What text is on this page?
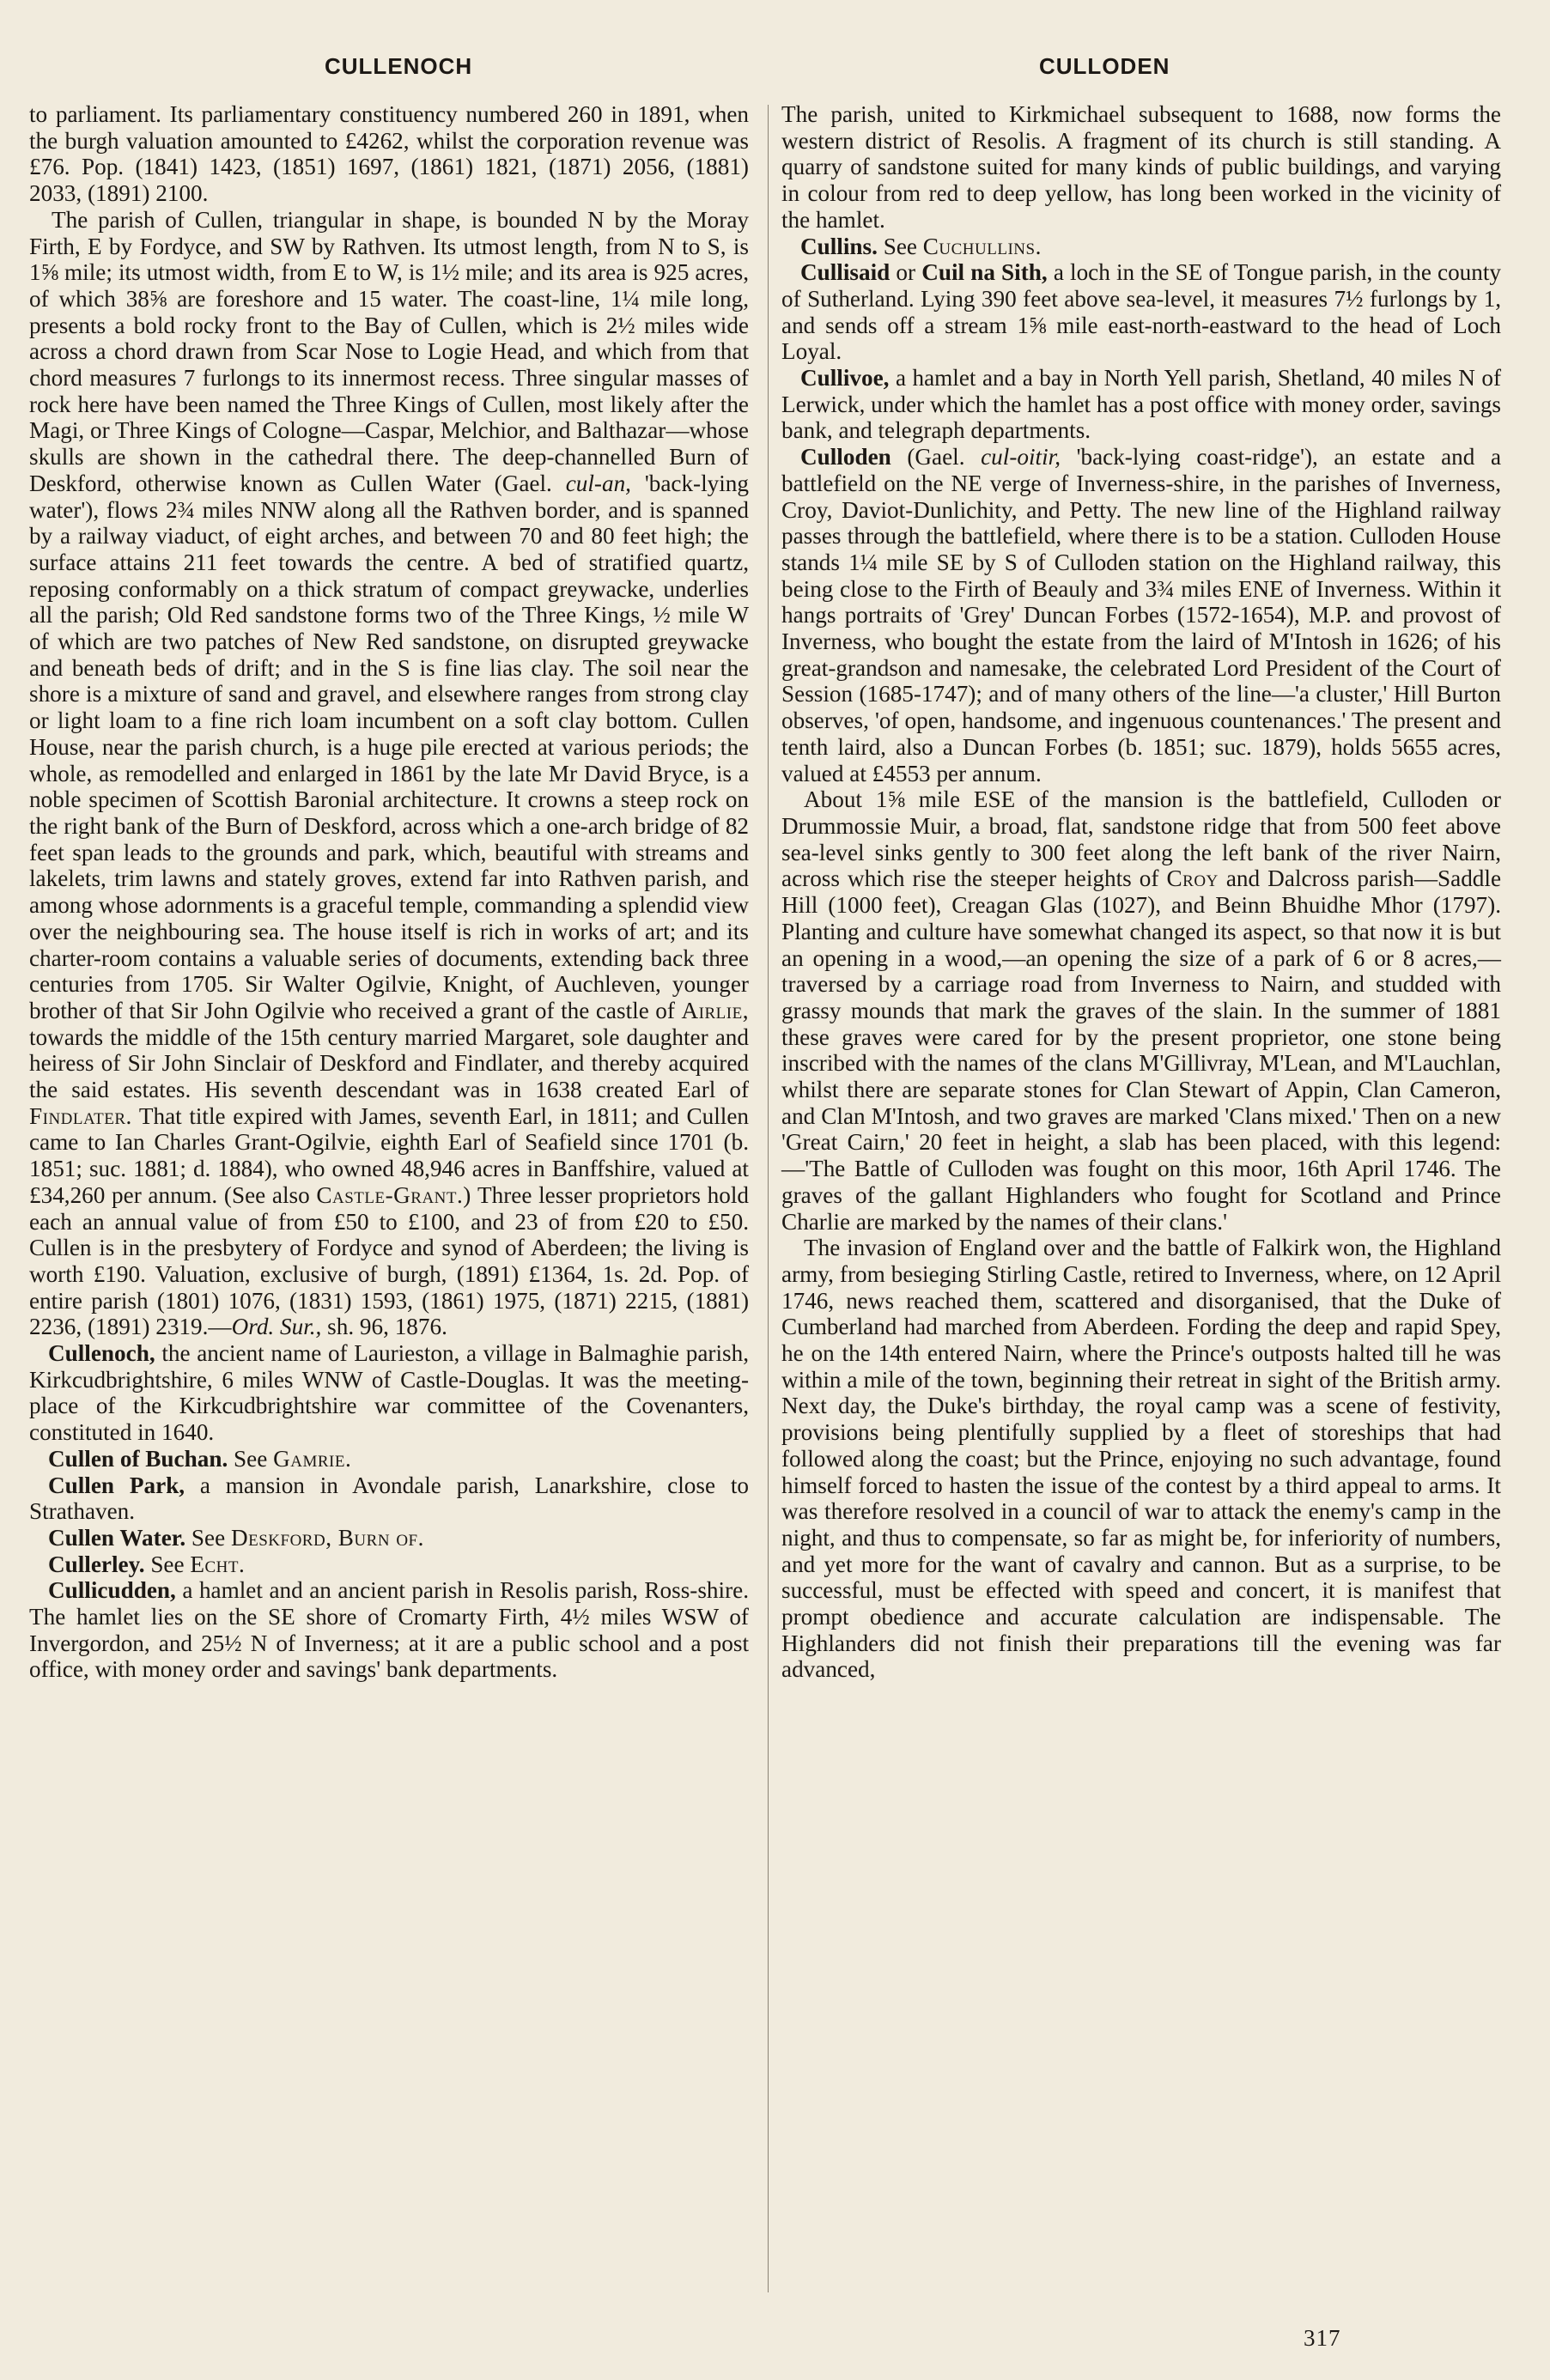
CULLENOCH	CULLODEN

to parliament. Its parliamentary constituency numbered 260 in 1891, when the burgh valuation amounted to £4262, whilst the corporation revenue was £76. Pop. (1841) 1423, (1851) 1697, (1861) 1821, (1871) 2056, (1881) 2033, (1891) 2100.

The parish of Cullen, triangular in shape, is bounded N by the Moray Firth, E by Fordyce, and SW by Rathven. Its utmost length, from N to S, is 1⅝ mile; its utmost width, from E to W, is 1½ mile; and its area is 925 acres, of which 38⅝ are foreshore and 15 water. The coast-line, 1¼ mile long, presents a bold rocky front to the Bay of Cullen, which is 2½ miles wide across a chord drawn from Scar Nose to Logie Head, and which from that chord measures 7 furlongs to its innermost recess. Three singular masses of rock here have been named the Three Kings of Cullen, most likely after the Magi, or Three Kings of Cologne—Caspar, Melchior, and Balthazar—whose skulls are shown in the cathedral there. The deep-channelled Burn of Deskford, otherwise known as Cullen Water (Gael. cul-an, 'back-lying water'), flows 2¾ miles NNW along all the Rathven border, and is spanned by a railway viaduct, of eight arches, and between 70 and 80 feet high; the surface attains 211 feet towards the centre. A bed of stratified quartz, reposing conformably on a thick stratum of compact greywacke, underlies all the parish; Old Red sandstone forms two of the Three Kings, ½ mile W of which are two patches of New Red sandstone, on disrupted greywacke and beneath beds of drift; and in the S is fine lias clay. The soil near the shore is a mixture of sand and gravel, and elsewhere ranges from strong clay or light loam to a fine rich loam incumbent on a soft clay bottom. Cullen House, near the parish church, is a huge pile erected at various periods; the whole, as remodelled and enlarged in 1861 by the late Mr David Bryce, is a noble specimen of Scottish Baronial architecture. It crowns a steep rock on the right bank of the Burn of Deskford, across which a one-arch bridge of 82 feet span leads to the grounds and park, which, beautiful with streams and lakelets, trim lawns and stately groves, extend far into Rathven parish, and among whose adornments is a graceful temple, commanding a splendid view over the neighbouring sea. The house itself is rich in works of art; and its charter-room contains a valuable series of documents, extending back three centuries from 1705. Sir Walter Ogilvie, Knight, of Auchleven, younger brother of that Sir John Ogilvie who received a grant of the castle of Airlie, towards the middle of the 15th century married Margaret, sole daughter and heiress of Sir John Sinclair of Deskford and Findlater, and thereby acquired the said estates. His seventh descendant was in 1638 created Earl of Findlater. That title expired with James, seventh Earl, in 1811; and Cullen came to Ian Charles Grant-Ogilvie, eighth Earl of Seafield since 1701 (b. 1851; suc. 1881; d. 1884), who owned 48,946 acres in Banffshire, valued at £34,260 per annum. (See also Castle-Grant.) Three lesser proprietors hold each an annual value of from £50 to £100, and 23 of from £20 to £50. Cullen is in the presbytery of Fordyce and synod of Aberdeen; the living is worth £190. Valuation, exclusive of burgh, (1891) £1364, 1s. 2d. Pop. of entire parish (1801) 1076, (1831) 1593, (1861) 1975, (1871) 2215, (1881) 2236, (1891) 2319.—Ord. Sur., sh. 96, 1876.

Cullenoch, the ancient name of Laurieston, a village in Balmaghie parish, Kirkcudbrightshire, 6 miles WNW of Castle-Douglas. It was the meeting-place of the Kirkcudbrightshire war committee of the Covenanters, constituted in 1640.

Cullen of Buchan. See Gamrie.

Cullen Park, a mansion in Avondale parish, Lanarkshire, close to Strathaven.

Cullen Water. See Deskford, Burn of.

Cullerley. See Echt.

Cullicudden, a hamlet and an ancient parish in Resolis parish, Ross-shire. The hamlet lies on the SE shore of Cromarty Firth, 4½ miles WSW of Invergordon, and 25½ N of Inverness; at it are a public school and a post office, with money order and savings' bank departments.

The parish, united to Kirkmichael subsequent to 1688, now forms the western district of Resolis. A fragment of its church is still standing. A quarry of sandstone suited for many kinds of public buildings, and varying in colour from red to deep yellow, has long been worked in the vicinity of the hamlet.

Cullins. See Cuchullins.

Cullisaid or Cuil na Sith, a loch in the SE of Tongue parish, in the county of Sutherland. Lying 390 feet above sea-level, it measures 7½ furlongs by 1, and sends off a stream 1⅝ mile east-north-eastward to the head of Loch Loyal.

Cullivoe, a hamlet and a bay in North Yell parish, Shetland, 40 miles N of Lerwick, under which the hamlet has a post office with money order, savings bank, and telegraph departments.

Culloden (Gael. cul-oitir, 'back-lying coast-ridge'), an estate and a battlefield on the NE verge of Inverness-shire, in the parishes of Inverness, Croy, Daviot-Dunlichity, and Petty. The new line of the Highland railway passes through the battlefield, where there is to be a station. Culloden House stands 1¼ mile SE by S of Culloden station on the Highland railway, this being close to the Firth of Beauly and 3¾ miles ENE of Inverness. Within it hangs portraits of 'Grey' Duncan Forbes (1572-1654), M.P. and provost of Inverness, who bought the estate from the laird of M'Intosh in 1626; of his great-grandson and namesake, the celebrated Lord President of the Court of Session (1685-1747); and of many others of the line—'a cluster,' Hill Burton observes, 'of open, handsome, and ingenuous countenances.' The present and tenth laird, also a Duncan Forbes (b. 1851; suc. 1879), holds 5655 acres, valued at £4553 per annum.

About 1⅝ mile ESE of the mansion is the battlefield, Culloden or Drummossie Muir, a broad, flat, sandstone ridge that from 500 feet above sea-level sinks gently to 300 feet along the left bank of the river Nairn, across which rise the steeper heights of Croy and Dalcross parish—Saddle Hill (1000 feet), Creagan Glas (1027), and Beinn Bhuidhe Mhor (1797). Planting and culture have somewhat changed its aspect, so that now it is but an opening in a wood,—an opening the size of a park of 6 or 8 acres,—traversed by a carriage road from Inverness to Nairn, and studded with grassy mounds that mark the graves of the slain. In the summer of 1881 these graves were cared for by the present proprietor, one stone being inscribed with the names of the clans M'Gillivray, M'Lean, and M'Lauchlan, whilst there are separate stones for Clan Stewart of Appin, Clan Cameron, and Clan M'Intosh, and two graves are marked 'Clans mixed.' Then on a new 'Great Cairn,' 20 feet in height, a slab has been placed, with this legend:—'The Battle of Culloden was fought on this moor, 16th April 1746. The graves of the gallant Highlanders who fought for Scotland and Prince Charlie are marked by the names of their clans.'

The invasion of England over and the battle of Falkirk won, the Highland army, from besieging Stirling Castle, retired to Inverness, where, on 12 April 1746, news reached them, scattered and disorganised, that the Duke of Cumberland had marched from Aberdeen. Fording the deep and rapid Spey, he on the 14th entered Nairn, where the Prince's outposts halted till he was within a mile of the town, beginning their retreat in sight of the British army. Next day, the Duke's birthday, the royal camp was a scene of festivity, provisions being plentifully supplied by a fleet of storeships that had followed along the coast; but the Prince, enjoying no such advantage, found himself forced to hasten the issue of the contest by a third appeal to arms. It was therefore resolved in a council of war to attack the enemy's camp in the night, and thus to compensate, so far as might be, for inferiority of numbers, and yet more for the want of cavalry and cannon. But as a surprise, to be successful, must be effected with speed and concert, it is manifest that prompt obedience and accurate calculation are indispensable. The Highlanders did not finish their preparations till the evening was far advanced,

317
